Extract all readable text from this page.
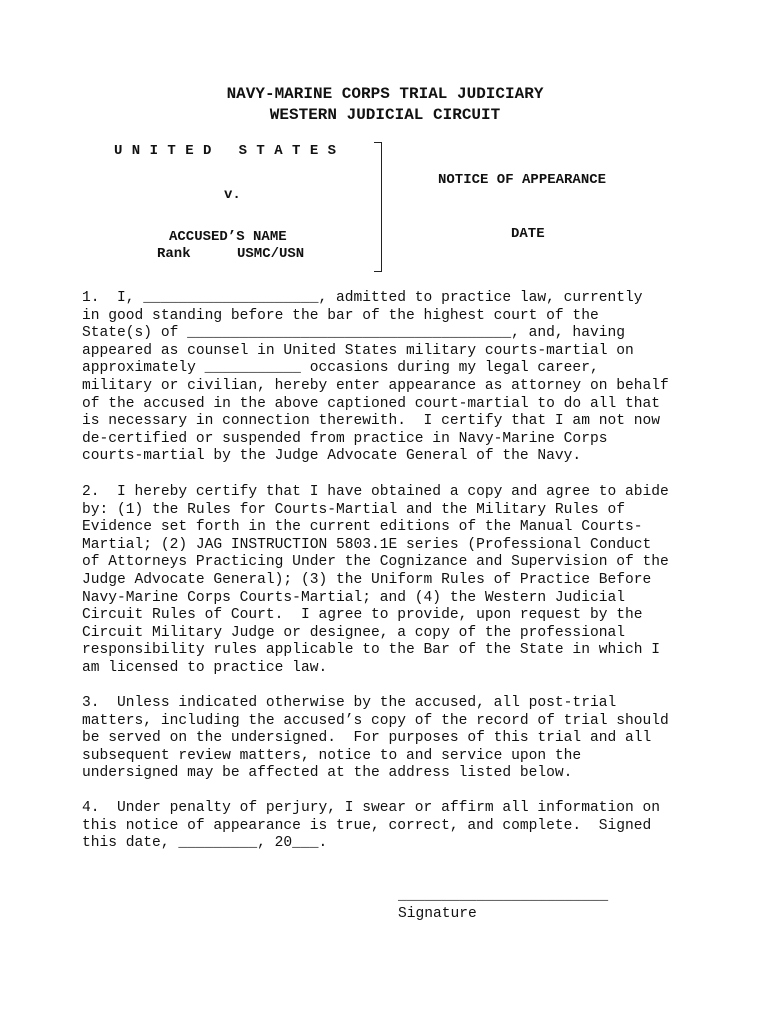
NAVY-MARINE CORPS TRIAL JUDICIARY
WESTERN JUDICIAL CIRCUIT
U N I T E D   S T A T E S
v.
ACCUSED’S NAME
Rank	USMC/USN
NOTICE OF APPEARANCE
DATE
1.  I, ____________________, admitted to practice law, currently
in good standing before the bar of the highest court of the
State(s) of _____________________________________, and, having
appeared as counsel in United States military courts-martial on
approximately ___________ occasions during my legal career,
military or civilian, hereby enter appearance as attorney on behalf
of the accused in the above captioned court-martial to do all that
is necessary in connection therewith.  I certify that I am not now
de-certified or suspended from practice in Navy-Marine Corps
courts-martial by the Judge Advocate General of the Navy.
2.  I hereby certify that I have obtained a copy and agree to abide
by: (1) the Rules for Courts-Martial and the Military Rules of
Evidence set forth in the current editions of the Manual Courts-
Martial; (2) JAG INSTRUCTION 5803.1E series (Professional Conduct
of Attorneys Practicing Under the Cognizance and Supervision of the
Judge Advocate General); (3) the Uniform Rules of Practice Before
Navy-Marine Corps Courts-Martial; and (4) the Western Judicial
Circuit Rules of Court.  I agree to provide, upon request by the
Circuit Military Judge or designee, a copy of the professional
responsibility rules applicable to the Bar of the State in which I
am licensed to practice law.
3.  Unless indicated otherwise by the accused, all post-trial
matters, including the accused’s copy of the record of trial should
be served on the undersigned.  For purposes of this trial and all
subsequent review matters, notice to and service upon the
undersigned may be affected at the address listed below.
4.  Under penalty of perjury, I swear or affirm all information on
this notice of appearance is true, correct, and complete.  Signed
this date, _________, 20___.
________________________
Signature
